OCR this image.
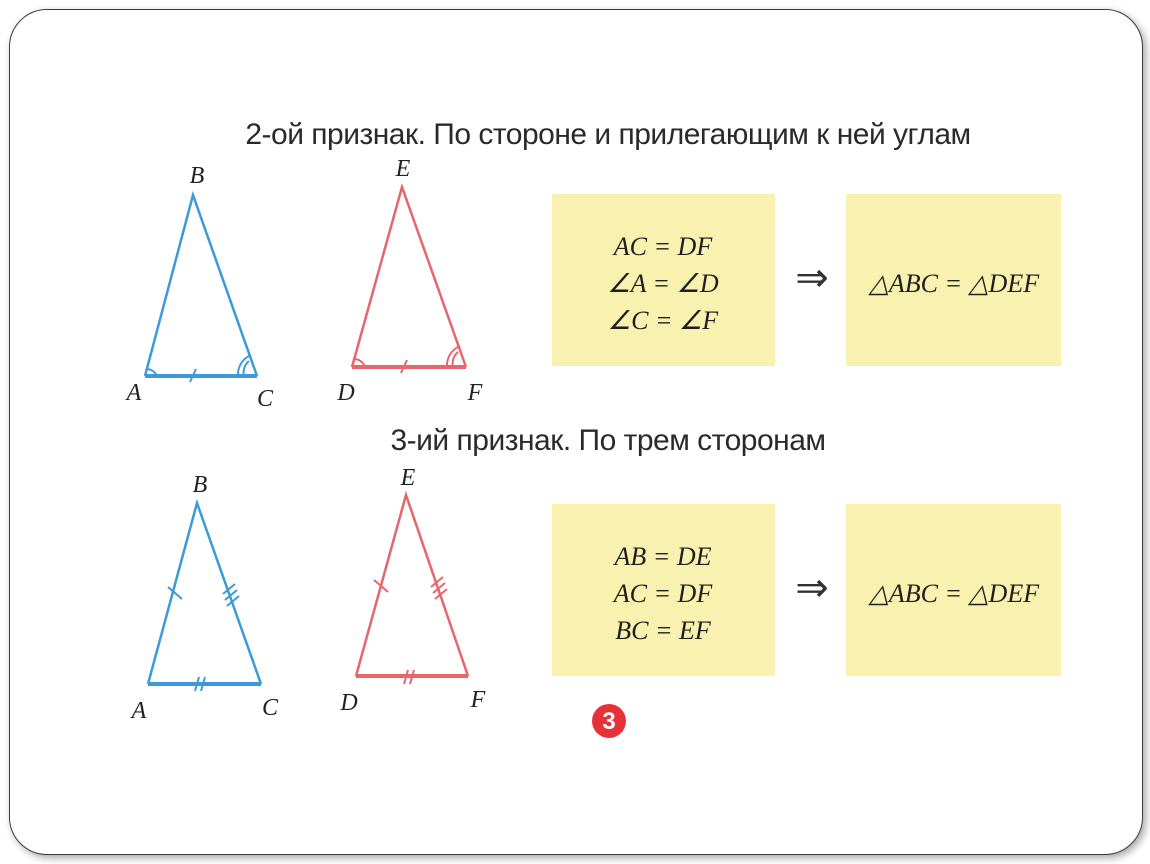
2-ой признак. По стороне и прилегающим к ней углам
B
A	C
E
D	F
AC = DF
∠A = ∠D
∠C = ∠F
⇒ △ABC = △DEF
3-ий признак. По трем сторонам
B
A	C
E
D	F
AB = DE
AC = DF
BC = EF
⇒ △ABC = △DEF
3
